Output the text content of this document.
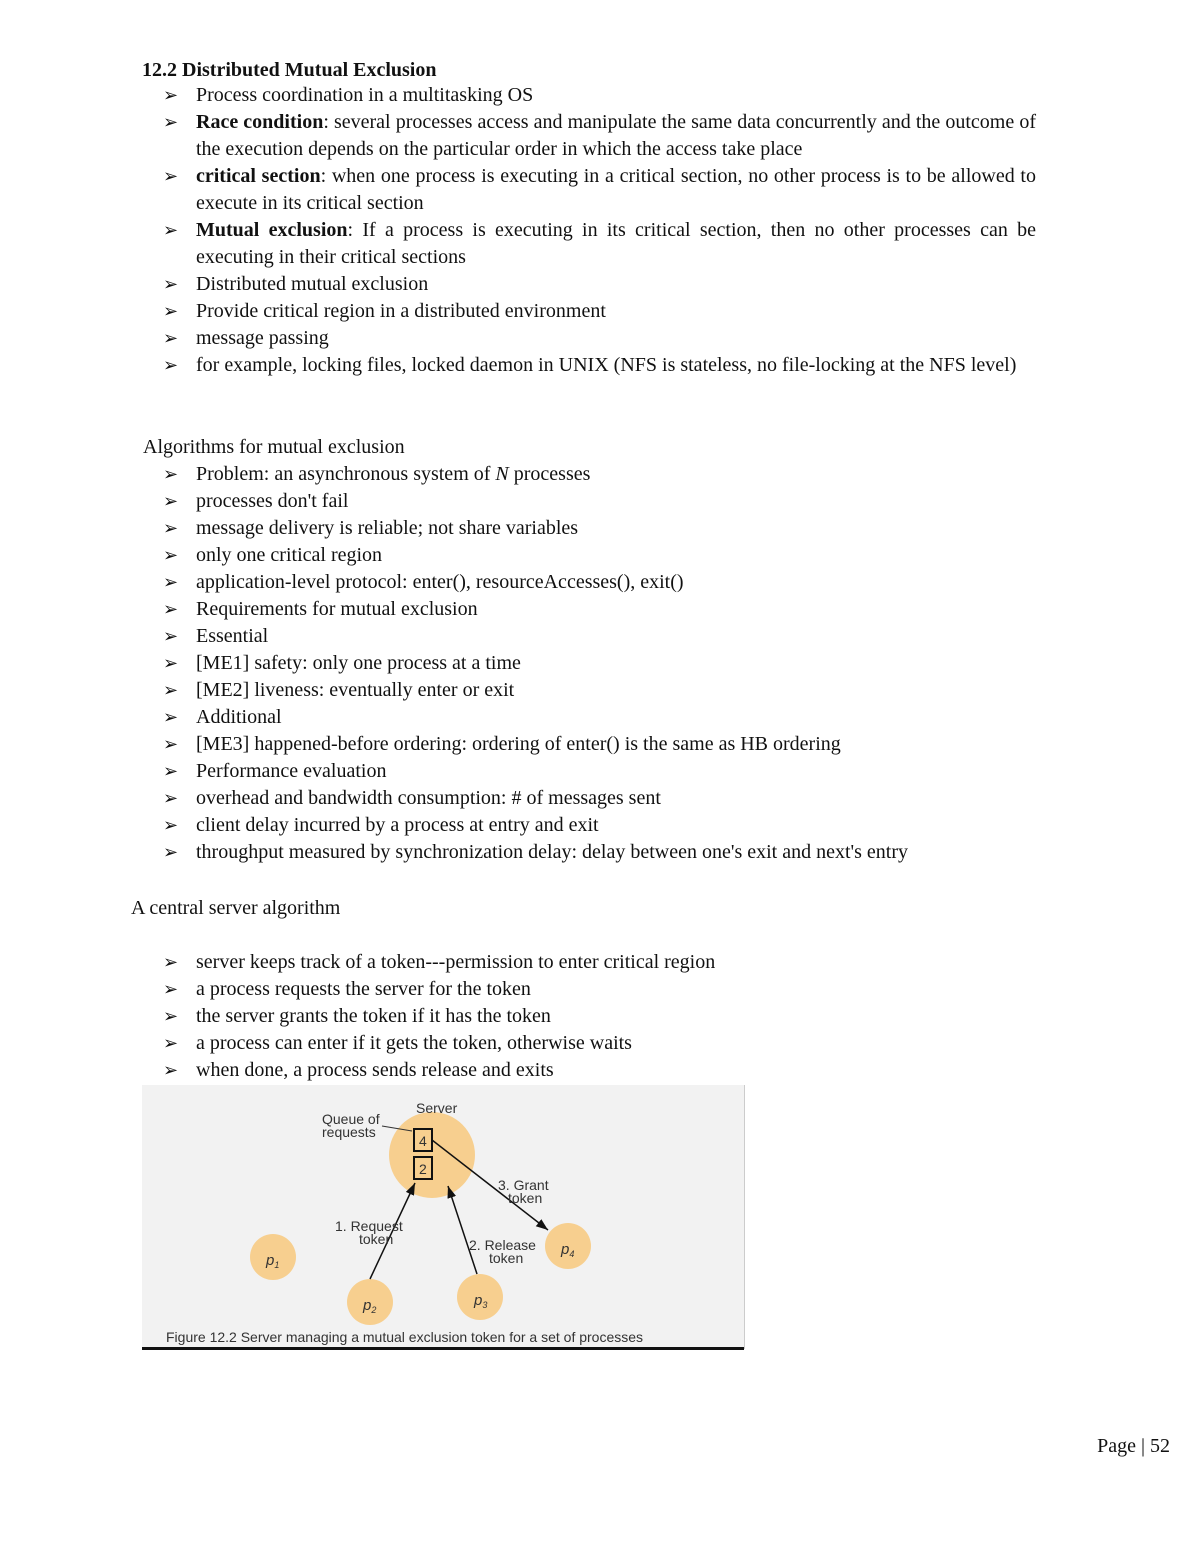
12.2 Distributed Mutual Exclusion
➢ Process coordination in a multitasking OS
➢ Race condition: several processes access and manipulate the same data concurrently and the outcome of the execution depends on the particular order in which the access take place
➢ critical section: when one process is executing in a critical section, no other process is to be allowed to execute in its critical section
➢ Mutual exclusion: If a process is executing in its critical section, then no other processes can be executing in their critical sections
➢ Distributed mutual exclusion
➢ Provide critical region in a distributed environment
➢ message passing
➢ for example, locking files, locked daemon in UNIX (NFS is stateless, no file-locking at the NFS level)
Algorithms for mutual exclusion
➢ Problem: an asynchronous system of N processes
➢ processes don't fail
➢ message delivery is reliable; not share variables
➢ only one critical region
➢ application-level protocol: enter(), resourceAccesses(), exit()
➢ Requirements for mutual exclusion
➢ Essential
➢ [ME1] safety: only one process at a time
➢ [ME2] liveness: eventually enter or exit
➢ Additional
➢ [ME3] happened-before ordering: ordering of enter() is the same as HB ordering
➢ Performance evaluation
➢ overhead and bandwidth consumption: # of messages sent
➢ client delay incurred by a process at entry and exit
➢ throughput measured by synchronization delay: delay between one's exit and next's entry
A central server algorithm
➢ server keeps track of a token---permission to enter critical region
➢ a process requests the server for the token
➢ the server grants the token if it has the token
➢ a process can enter if it gets the token, otherwise waits
➢ when done, a process sends release and exits
4
2
Server
Queue of
requests
1. Request
token	2. Release
token
3. Grant
token
$p_1$
$p_2$
$p_3$
$p_4$
Figure 12.2 Server managing a mutual exclusion token for a set of processes
Page | 52
